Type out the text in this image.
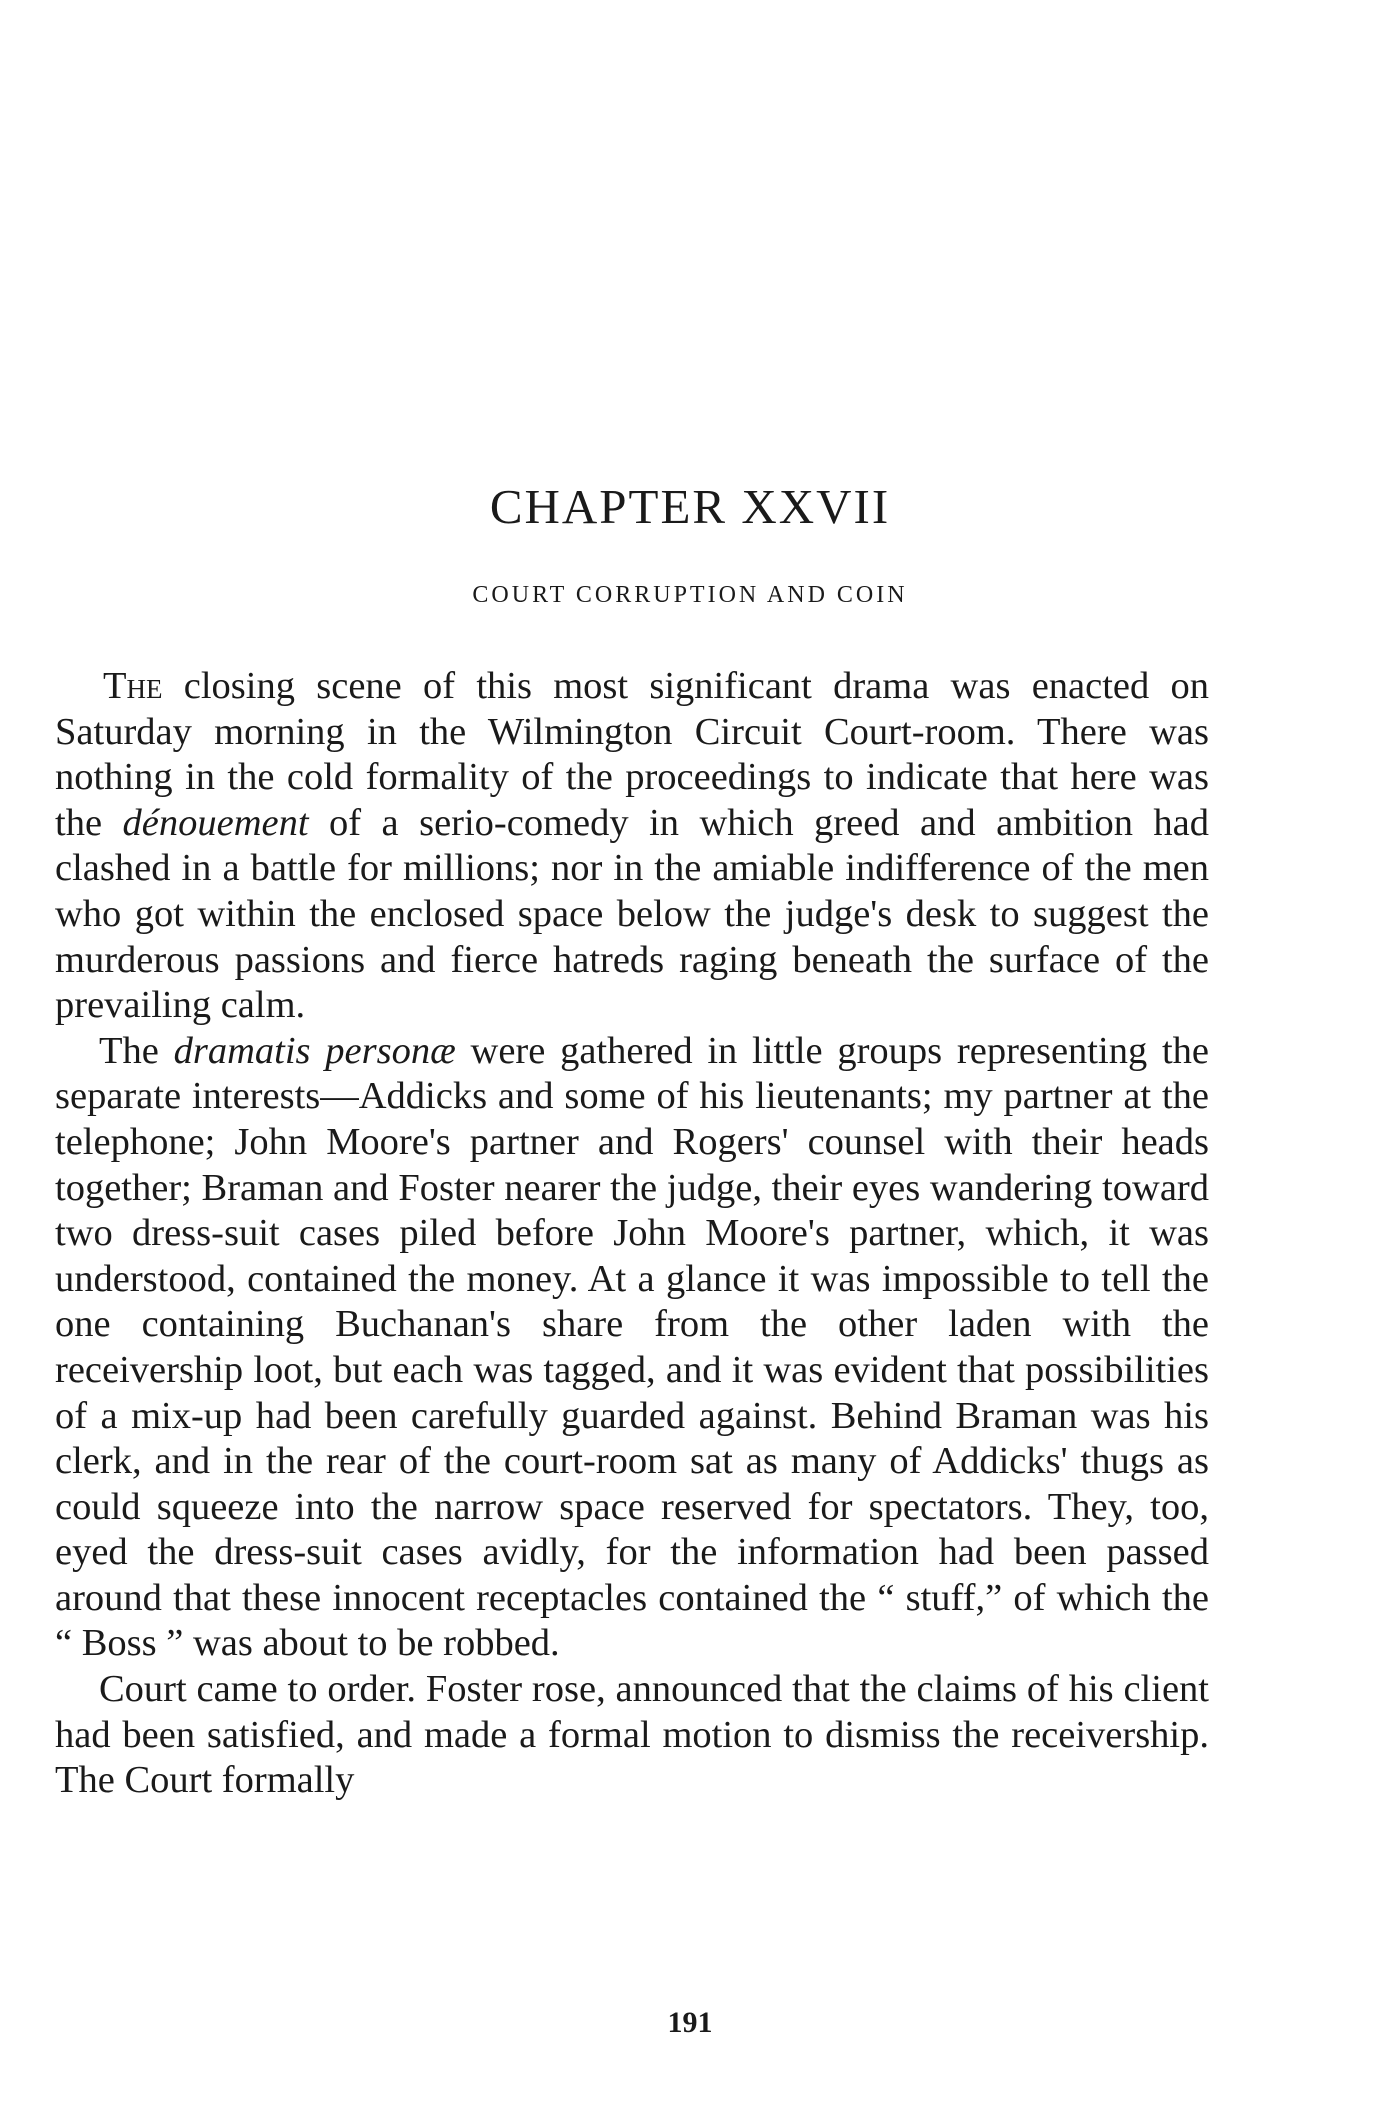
CHAPTER XXVII
COURT CORRUPTION AND COIN

The closing scene of this most significant drama was enacted on Saturday morning in the Wilmington Circuit Court-room. There was nothing in the cold formality of the proceedings to indicate that here was the dénouement of a serio-comedy in which greed and ambition had clashed in a battle for millions; nor in the amiable indifference of the men who got within the enclosed space below the judge's desk to suggest the murderous passions and fierce hatreds raging beneath the surface of the prevailing calm.

The dramatis personæ were gathered in little groups representing the separate interests—Addicks and some of his lieutenants; my partner at the telephone; John Moore's partner and Rogers' counsel with their heads together; Braman and Foster nearer the judge, their eyes wandering toward two dress-suit cases piled before John Moore's partner, which, it was understood, contained the money. At a glance it was impossible to tell the one containing Buchanan's share from the other laden with the receivership loot, but each was tagged, and it was evident that possibilities of a mix-up had been carefully guarded against. Behind Braman was his clerk, and in the rear of the court-room sat as many of Addicks' thugs as could squeeze into the narrow space reserved for spectators. They, too, eyed the dress-suit cases avidly, for the information had been passed around that these innocent receptacles contained the “ stuff,” of which the “ Boss ” was about to be robbed.

Court came to order. Foster rose, announced that the claims of his client had been satisfied, and made a formal motion to dismiss the receivership. The Court formally

191
